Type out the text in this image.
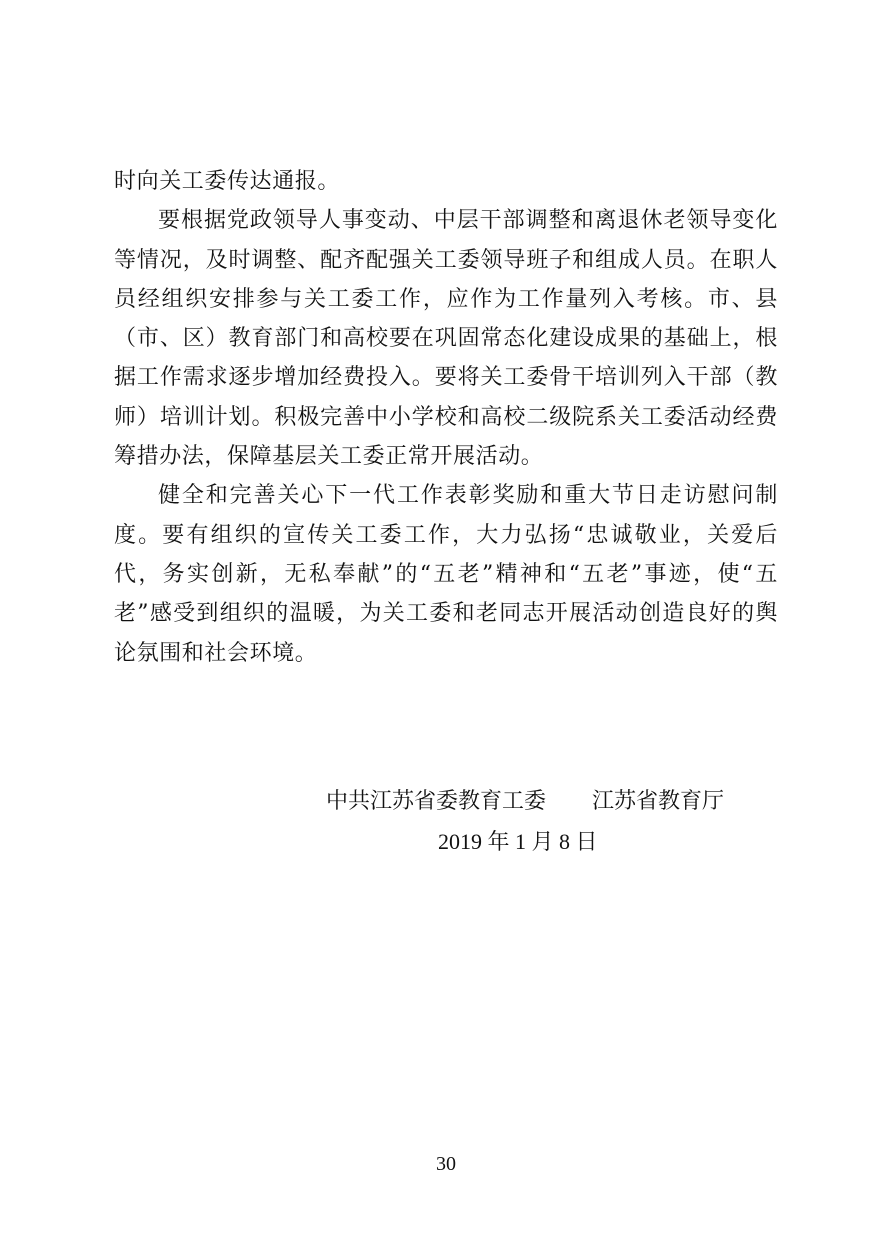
时向关工委传达通报。

要根据党政领导人事变动、中层干部调整和离退休老领导变化等情况，及时调整、配齐配强关工委领导班子和组成人员。在职人员经组织安排参与关工委工作，应作为工作量列入考核。市、县（市、区）教育部门和高校要在巩固常态化建设成果的基础上，根据工作需求逐步增加经费投入。要将关工委骨干培训列入干部（教师）培训计划。积极完善中小学校和高校二级院系关工委活动经费筹措办法，保障基层关工委正常开展活动。

健全和完善关心下一代工作表彰奖励和重大节日走访慰问制度。要有组织的宣传关工委工作，大力弘扬“忠诚敬业，关爱后代，务实创新，无私奉献”的“五老”精神和“五老”事迹，使“五老”感受到组织的温暖，为关工委和老同志开展活动创造良好的舆论氛围和社会环境。

中共江苏省委教育工委 江苏省教育厅
2019 年 1 月 8 日
30
